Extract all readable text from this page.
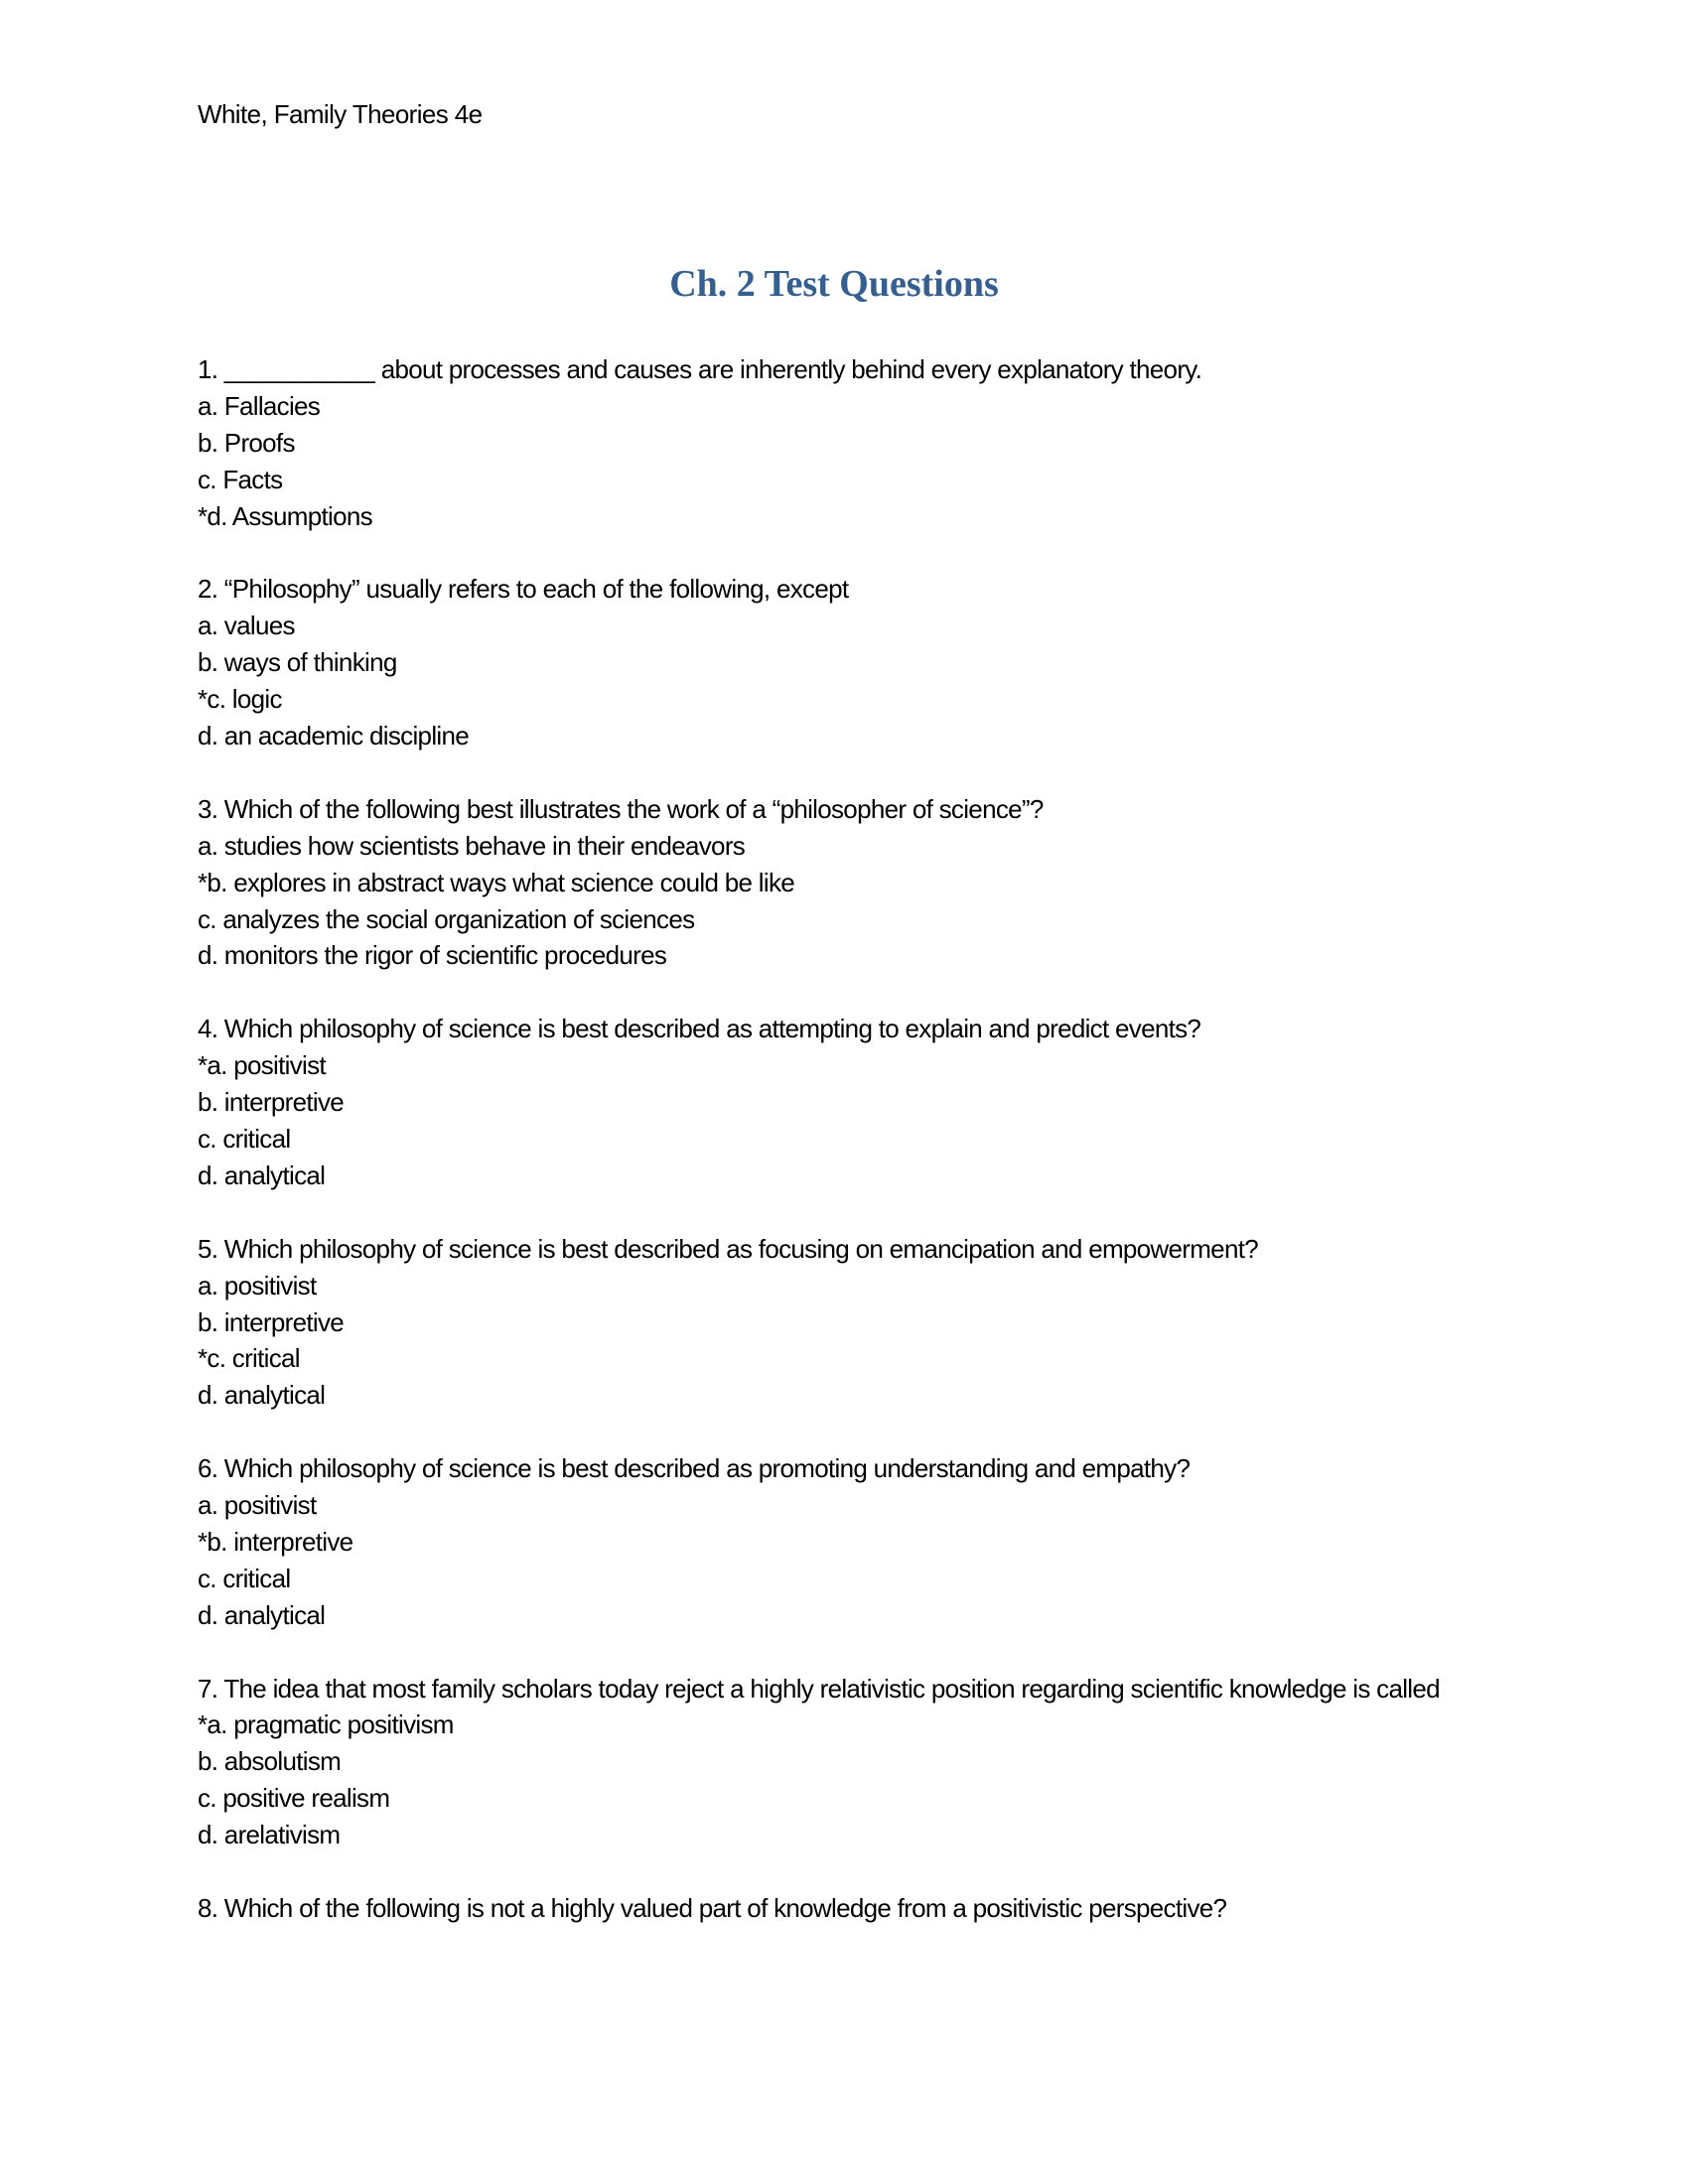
White, Family Theories 4e
Ch. 2 Test Questions
1. ___________ about processes and causes are inherently behind every explanatory theory.
a. Fallacies
b. Proofs
c. Facts
*d. Assumptions
2. “Philosophy” usually refers to each of the following, except
a. values
b. ways of thinking
*c. logic
d. an academic discipline
3. Which of the following best illustrates the work of a “philosopher of science”?
a. studies how scientists behave in their endeavors
*b. explores in abstract ways what science could be like
c. analyzes the social organization of sciences
d. monitors the rigor of scientific procedures
4. Which philosophy of science is best described as attempting to explain and predict events?
*a. positivist
b. interpretive
c. critical
d. analytical
5. Which philosophy of science is best described as focusing on emancipation and empowerment?
a. positivist
b. interpretive
*c. critical
d. analytical
6. Which philosophy of science is best described as promoting understanding and empathy?
a. positivist
*b. interpretive
c. critical
d. analytical
7. The idea that most family scholars today reject a highly relativistic position regarding scientific knowledge is called
*a. pragmatic positivism
b. absolutism
c. positive realism
d. arelativism
8. Which of the following is not a highly valued part of knowledge from a positivistic perspective?
